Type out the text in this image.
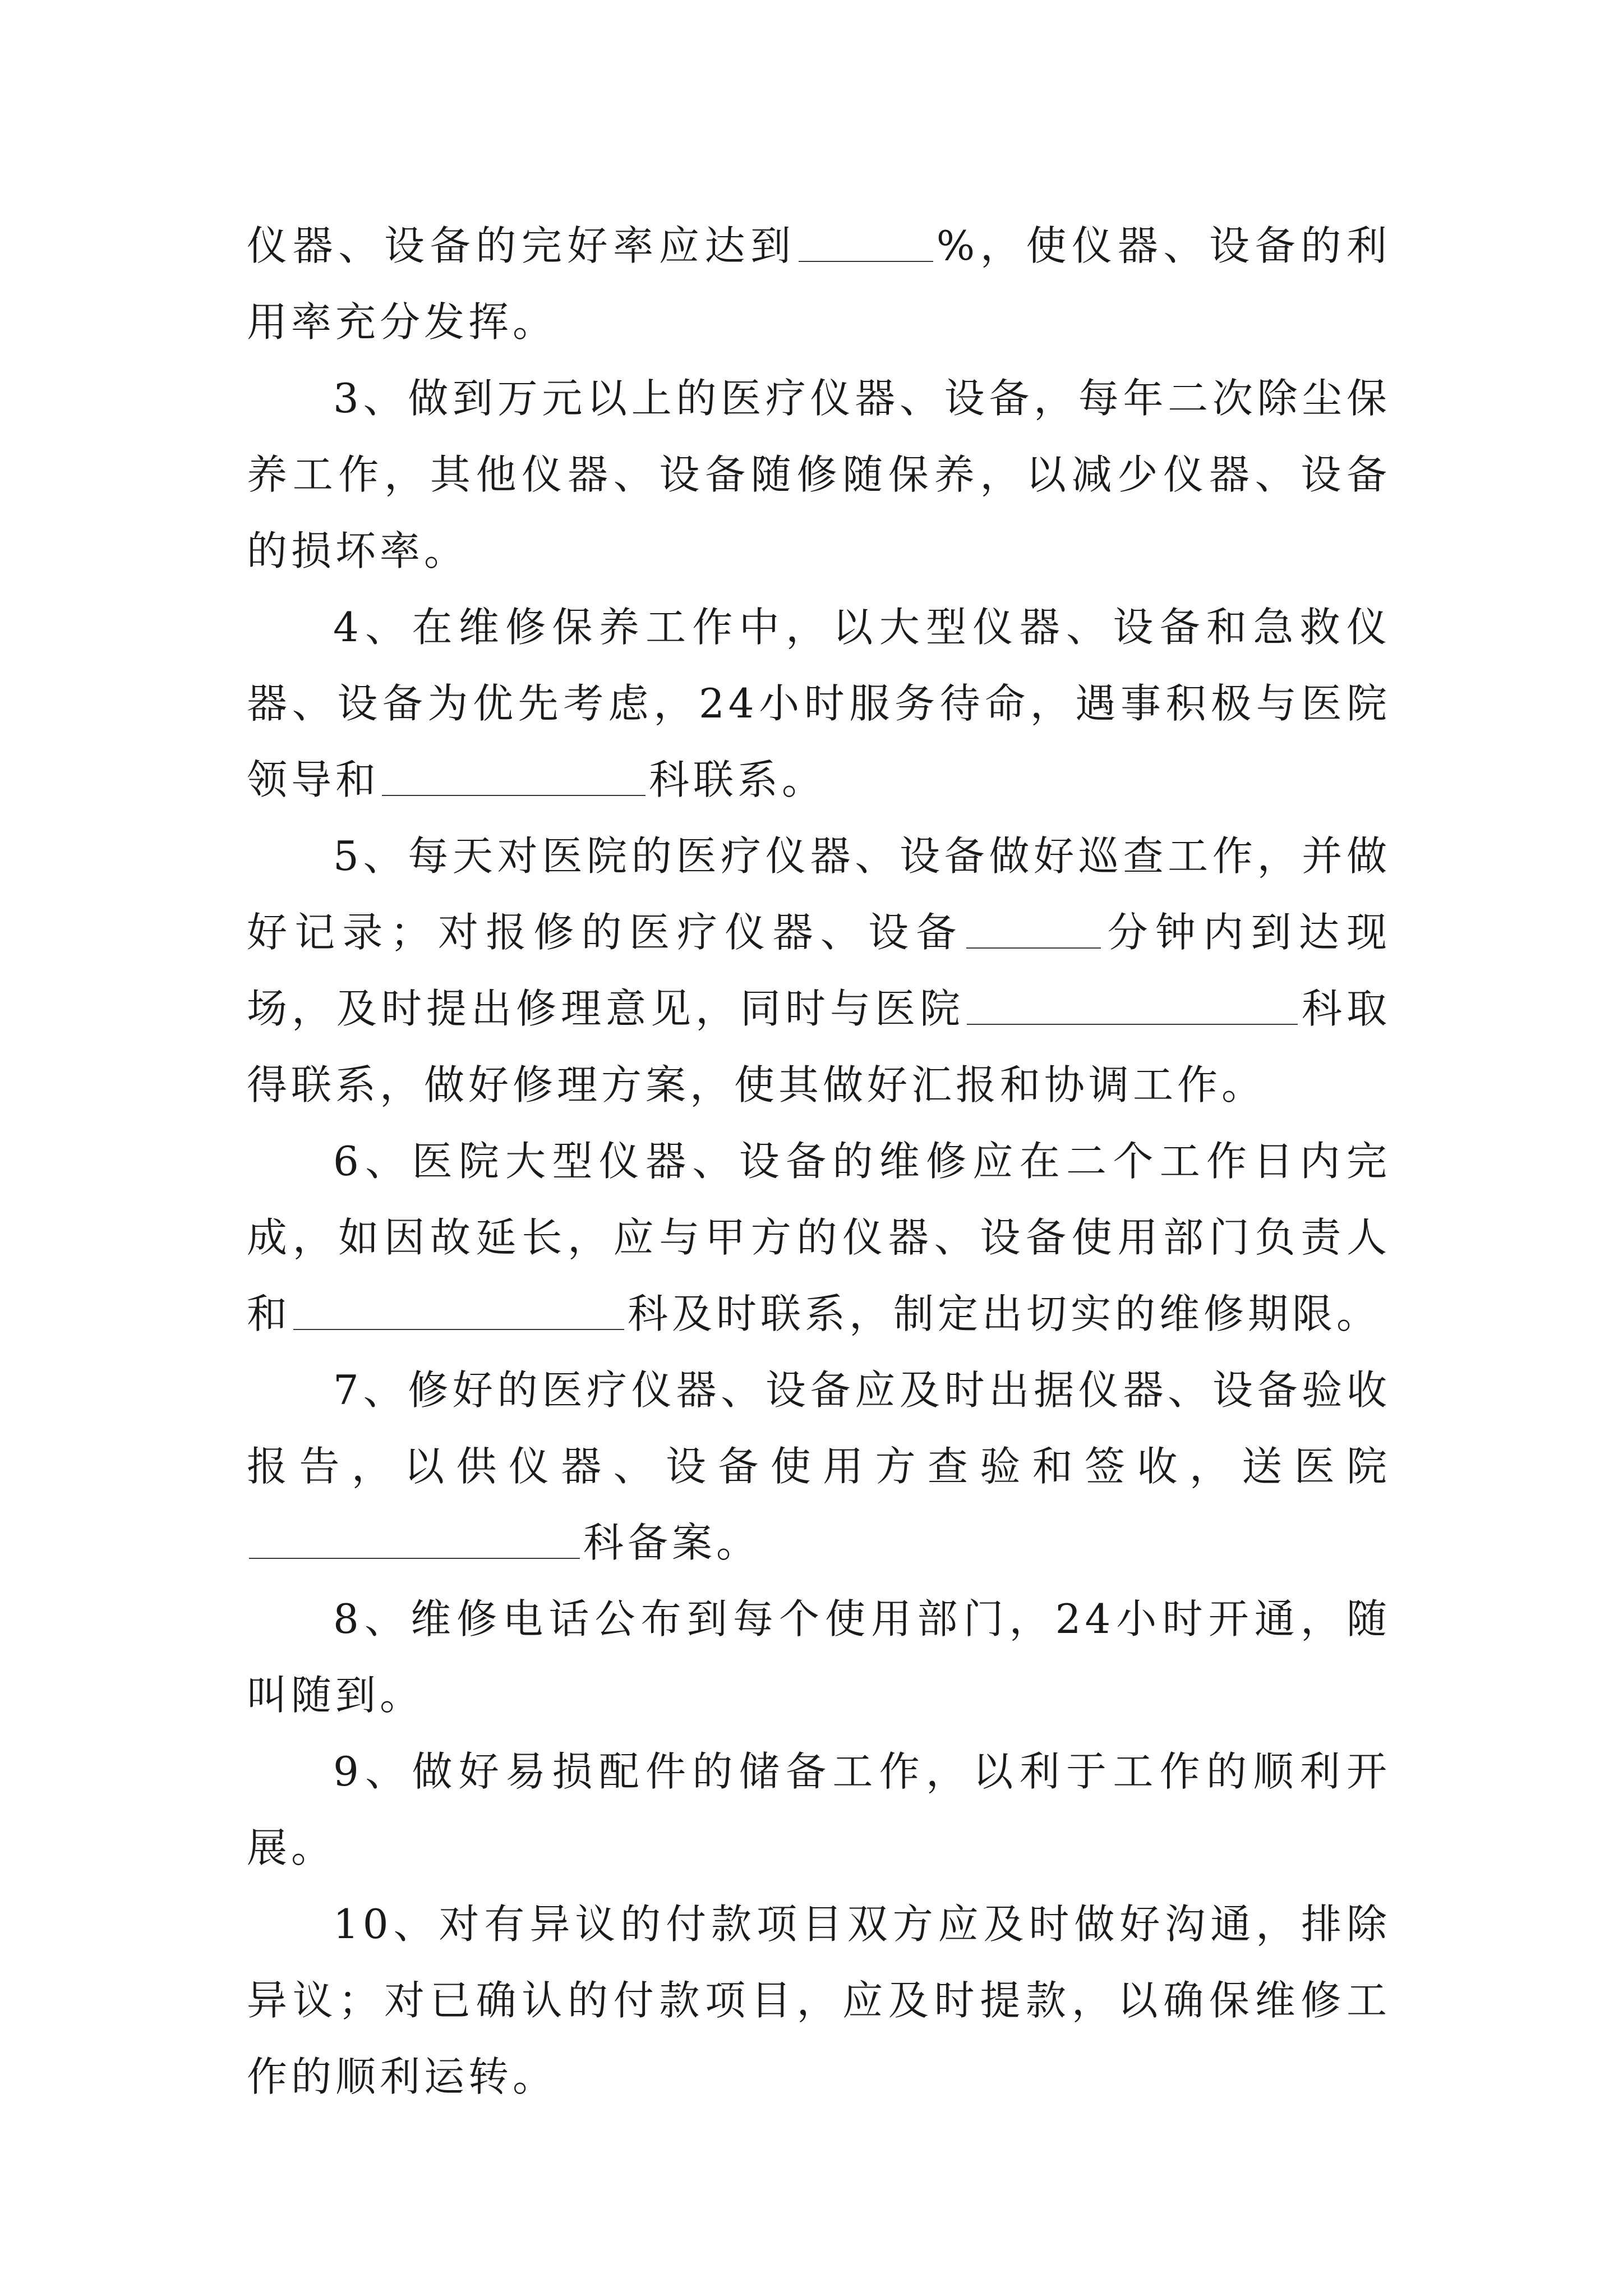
仪器、设备的完好率应达到	%，使仪器、设备的利用率充分发挥。

3、做到万元以上的医疗仪器、设备，每年二次除尘保养工作，其他仪器、设备随修随保养，以减少仪器、设备的损坏率。

4、在维修保养工作中，以大型仪器、设备和急救仪器、设备为优先考虑，24小时服务待命，遇事积极与医院领导和	科联系。

5、每天对医院的医疗仪器、设备做好巡查工作，并做好记录；对报修的医疗仪器、设备	分钟内到达现场，及时提出修理意见，同时与医院	科取得联系，做好修理方案，使其做好汇报和协调工作。

6、医院大型仪器、设备的维修应在二个工作日内完成，如因故延长，应与甲方的仪器、设备使用部门负责人和	科及时联系，制定出切实的维修期限。

7、修好的医疗仪器、设备应及时出据仪器、设备验收报告，以供仪器、设备使用方查验和签收，送医院科备案。

8、维修电话公布到每个使用部门，24小时开通，随叫随到。

9、做好易损配件的储备工作，以利于工作的顺利开展。

10、对有异议的付款项目双方应及时做好沟通，排除异议；对已确认的付款项目，应及时提款，以确保维修工作的顺利运转。
